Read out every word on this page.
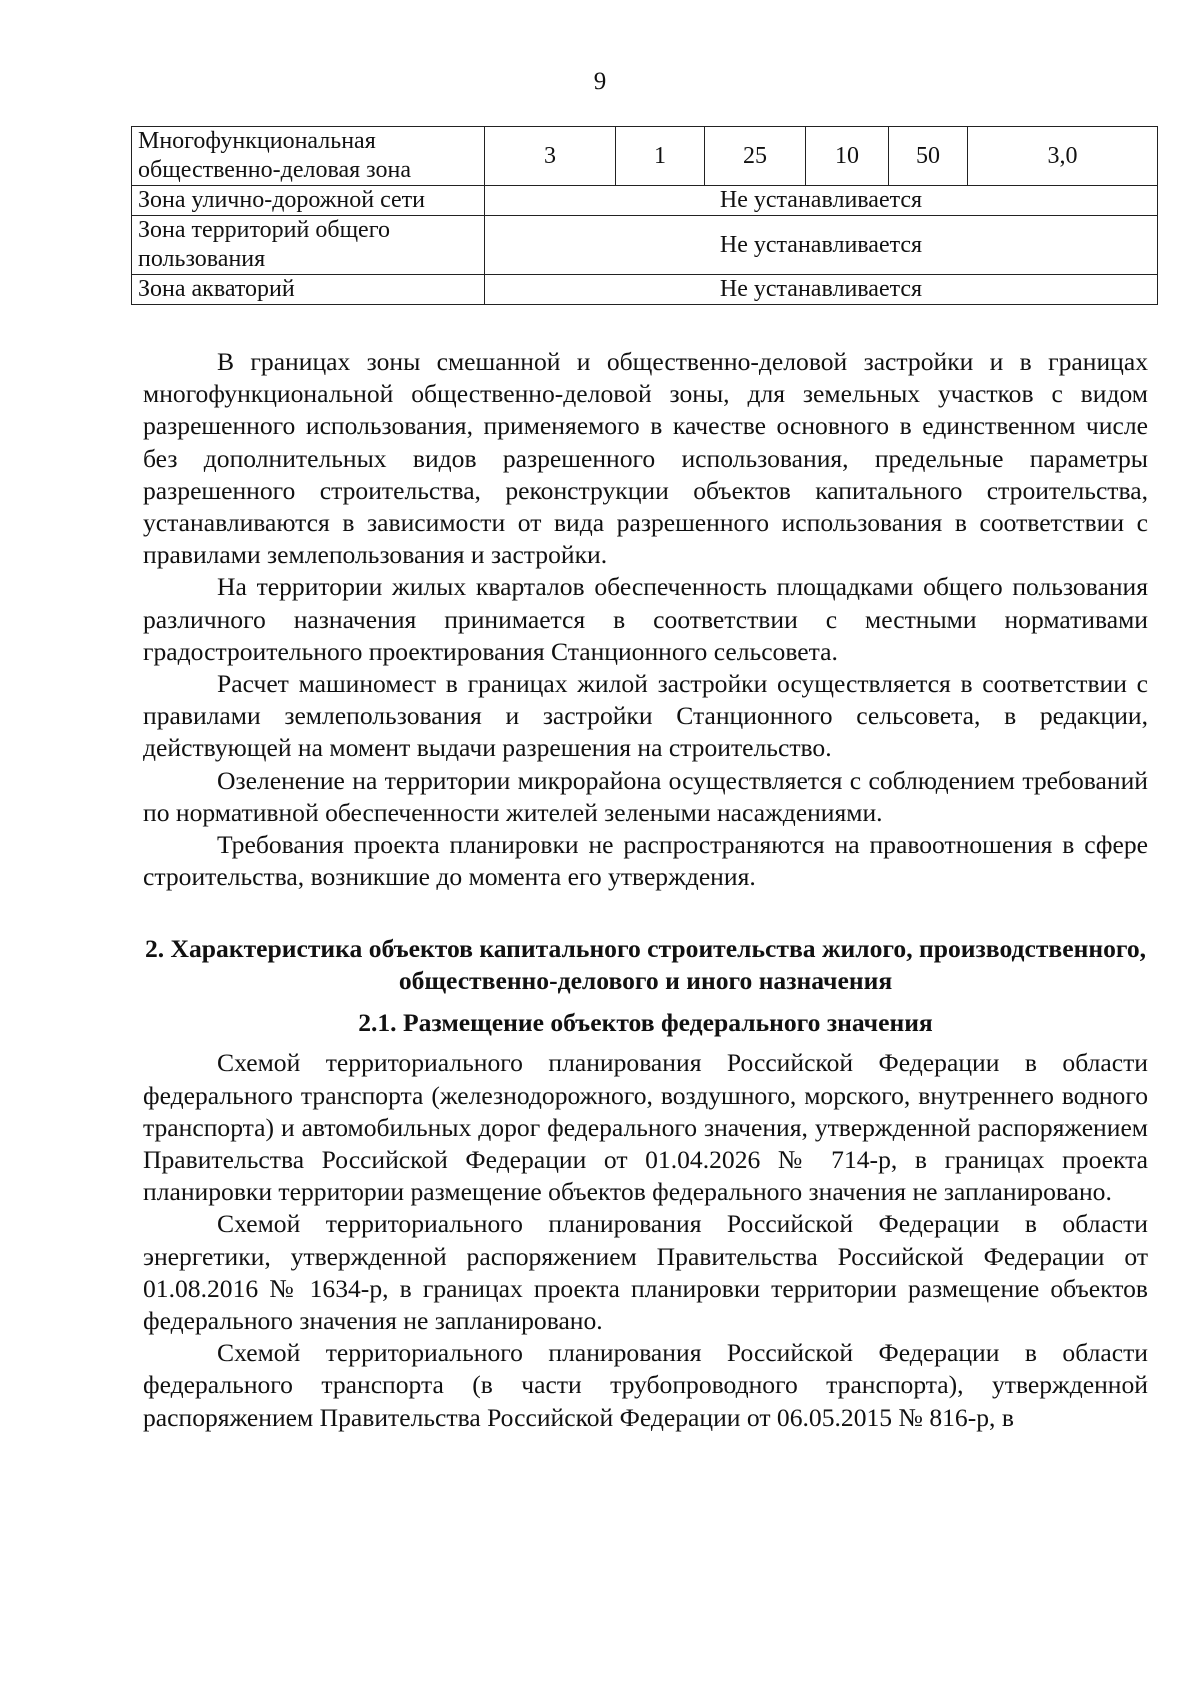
9
Многофункциональная общественно-деловая зона	3	1	25	10	50	3,0
Зона улично-дорожной сети	Не устанавливается					
Зона территорий общего пользования	Не устанавливается					
Зона акваторий	Не устанавливается					

В границах зоны смешанной и общественно-деловой застройки и в границах многофункциональной общественно-деловой зоны, для земельных участков с видом разрешенного использования, применяемого в качестве основного в единственном числе без дополнительных видов разрешенного использования, предельные параметры разрешенного строительства, реконструкции объектов капитального строительства, устанавливаются в зависимости от вида разрешенного использования в соответствии с правилами землепользования и застройки.

На территории жилых кварталов обеспеченность площадками общего пользования различного назначения принимается в соответствии с местными нормативами градостроительного проектирования Станционного сельсовета.

Расчет машиномест в границах жилой застройки осуществляется в соответствии с правилами землепользования и застройки Станционного сельсовета, в редакции, действующей на момент выдачи разрешения на строительство.

Озеленение на территории микрорайона осуществляется с соблюдением требований по нормативной обеспеченности жителей зелеными насаждениями.

Требования проекта планировки не распространяются на правоотношения в сфере строительства, возникшие до момента его утверждения.

2. Характеристика объектов капитального строительства жилого, производственного, общественно-делового и иного назначения
2.1. Размещение объектов федерального значения

Схемой территориального планирования Российской Федерации в области федерального транспорта (железнодорожного, воздушного, морского, внутреннего водного транспорта) и автомобильных дорог федерального значения, утвержденной распоряжением Правительства Российской Федерации от 01.04.2026 № 714-р, в границах проекта планировки территории размещение объектов федерального значения не запланировано.

Схемой территориального планирования Российской Федерации в области энергетики, утвержденной распоряжением Правительства Российской Федерации от 01.08.2016 № 1634-р, в границах проекта планировки территории размещение объектов федерального значения не запланировано.

Схемой территориального планирования Российской Федерации в области федерального транспорта (в части трубопроводного транспорта), утвержденной распоряжением Правительства Российской Федерации от 06.05.2015 № 816-р, в
